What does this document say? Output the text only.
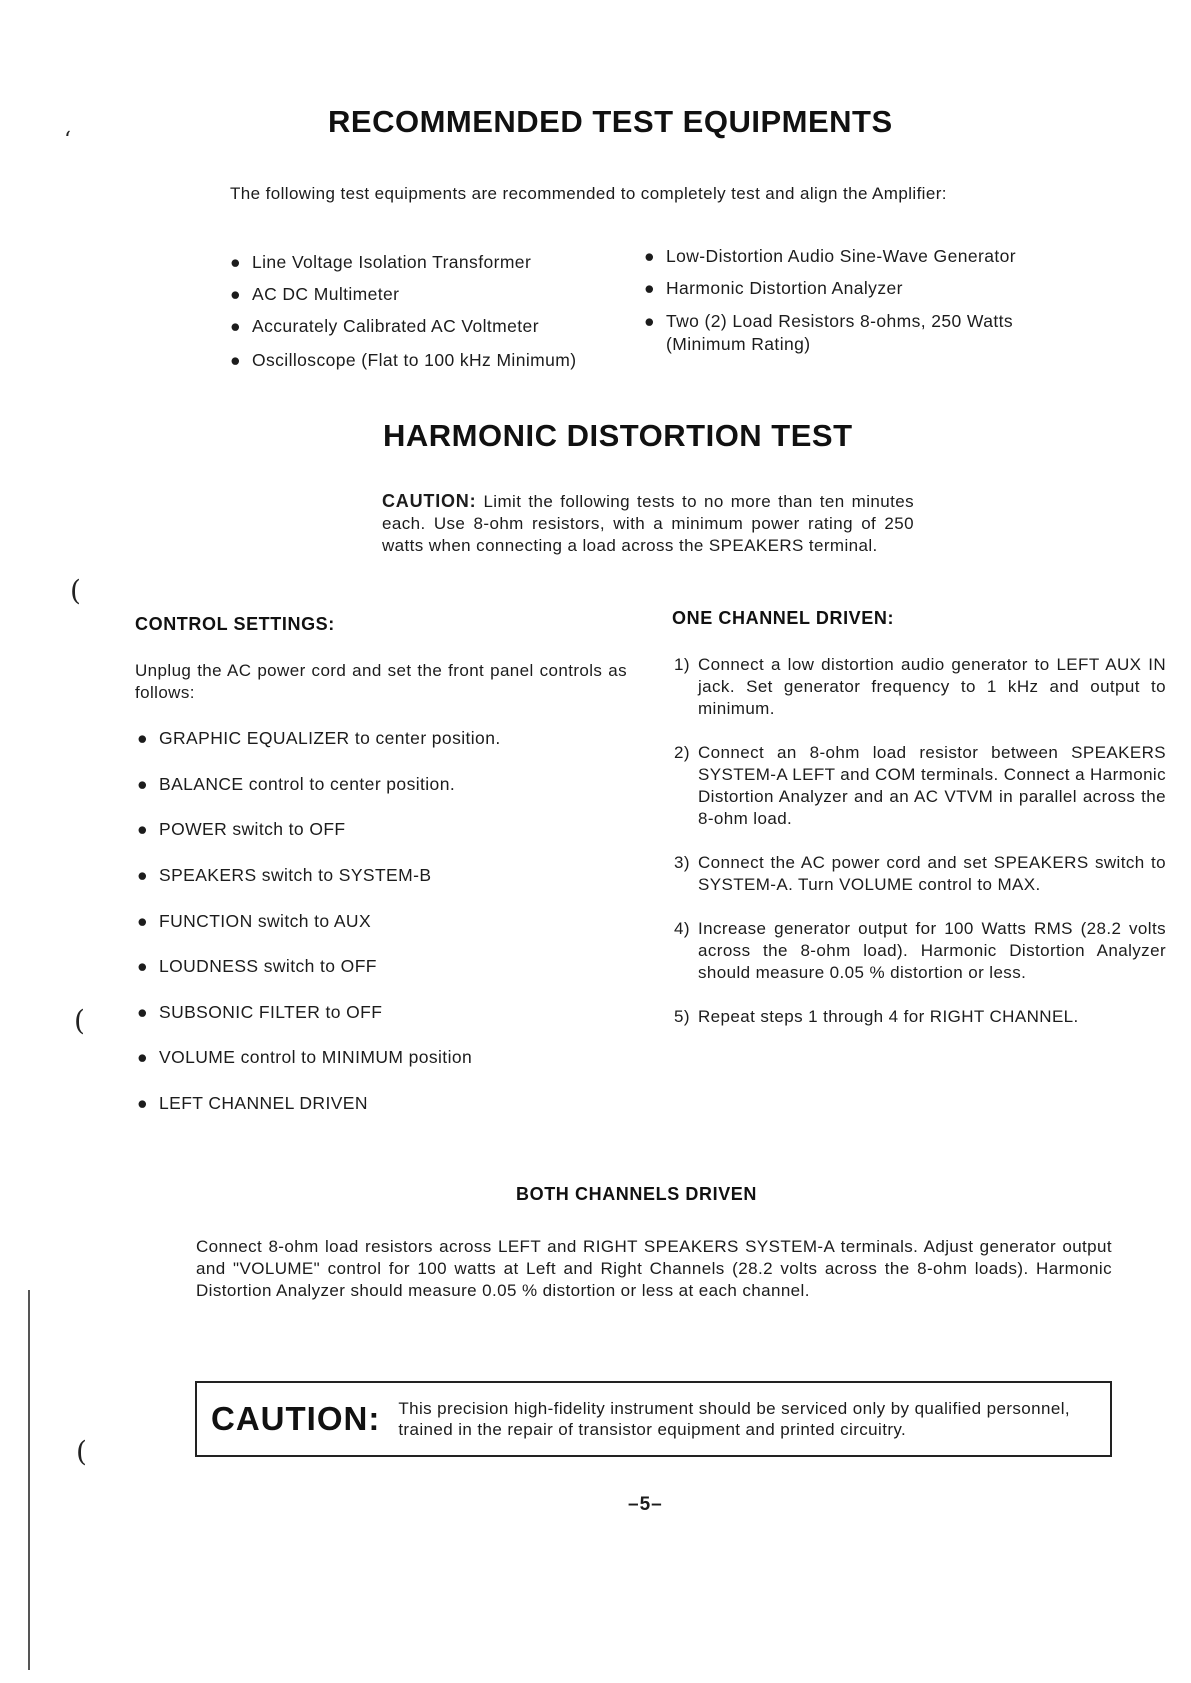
‘
(
(
(
RECOMMENDED TEST EQUIPMENTS
The following test equipments are recommended to completely test and align the Amplifier:
● Line Voltage Isolation Transformer
● AC DC Multimeter
● Accurately Calibrated AC Voltmeter
● Oscilloscope (Flat to 100 kHz Minimum)
● Low-Distortion Audio Sine-Wave Generator
● Harmonic Distortion Analyzer
● Two (2) Load Resistors 8-ohms, 250 Watts (Minimum Rating)
HARMONIC DISTORTION TEST
CAUTION: Limit the following tests to no more than ten minutes each. Use 8-ohm resistors, with a minimum power rating of 250 watts when connecting a load across the SPEAKERS terminal.
CONTROL SETTINGS:
Unplug the AC power cord and set the front panel controls as follows:
● GRAPHIC EQUALIZER to center position.
● BALANCE control to center position.
● POWER switch to OFF
● SPEAKERS switch to SYSTEM-B
● FUNCTION switch to AUX
● LOUDNESS switch to OFF
● SUBSONIC FILTER to OFF
● VOLUME control to MINIMUM position
● LEFT CHANNEL DRIVEN
ONE CHANNEL DRIVEN:
1) Connect a low distortion audio generator to LEFT AUX IN jack. Set generator frequency to 1 kHz and output to minimum.
2) Connect an 8-ohm load resistor between SPEAKERS SYSTEM-A LEFT and COM terminals. Connect a Harmonic Distortion Analyzer and an AC VTVM in parallel across the 8-ohm load.
3) Connect the AC power cord and set SPEAKERS switch to SYSTEM-A. Turn VOLUME control to MAX.
4) Increase generator output for 100 Watts RMS (28.2 volts across the 8-ohm load). Harmonic Distortion Analyzer should measure 0.05 % distortion or less.
5) Repeat steps 1 through 4 for RIGHT CHANNEL.
BOTH CHANNELS DRIVEN
Connect 8-ohm load resistors across LEFT and RIGHT SPEAKERS SYSTEM-A terminals. Adjust generator output and "VOLUME" control for 100 watts at Left and Right Channels (28.2 volts across the 8-ohm loads). Harmonic Distortion Analyzer should measure 0.05 % distortion or less at each channel.
CAUTION: This precision high-fidelity instrument should be serviced only by qualified personnel, trained in the repair of transistor equipment and printed circuitry.
–5–
